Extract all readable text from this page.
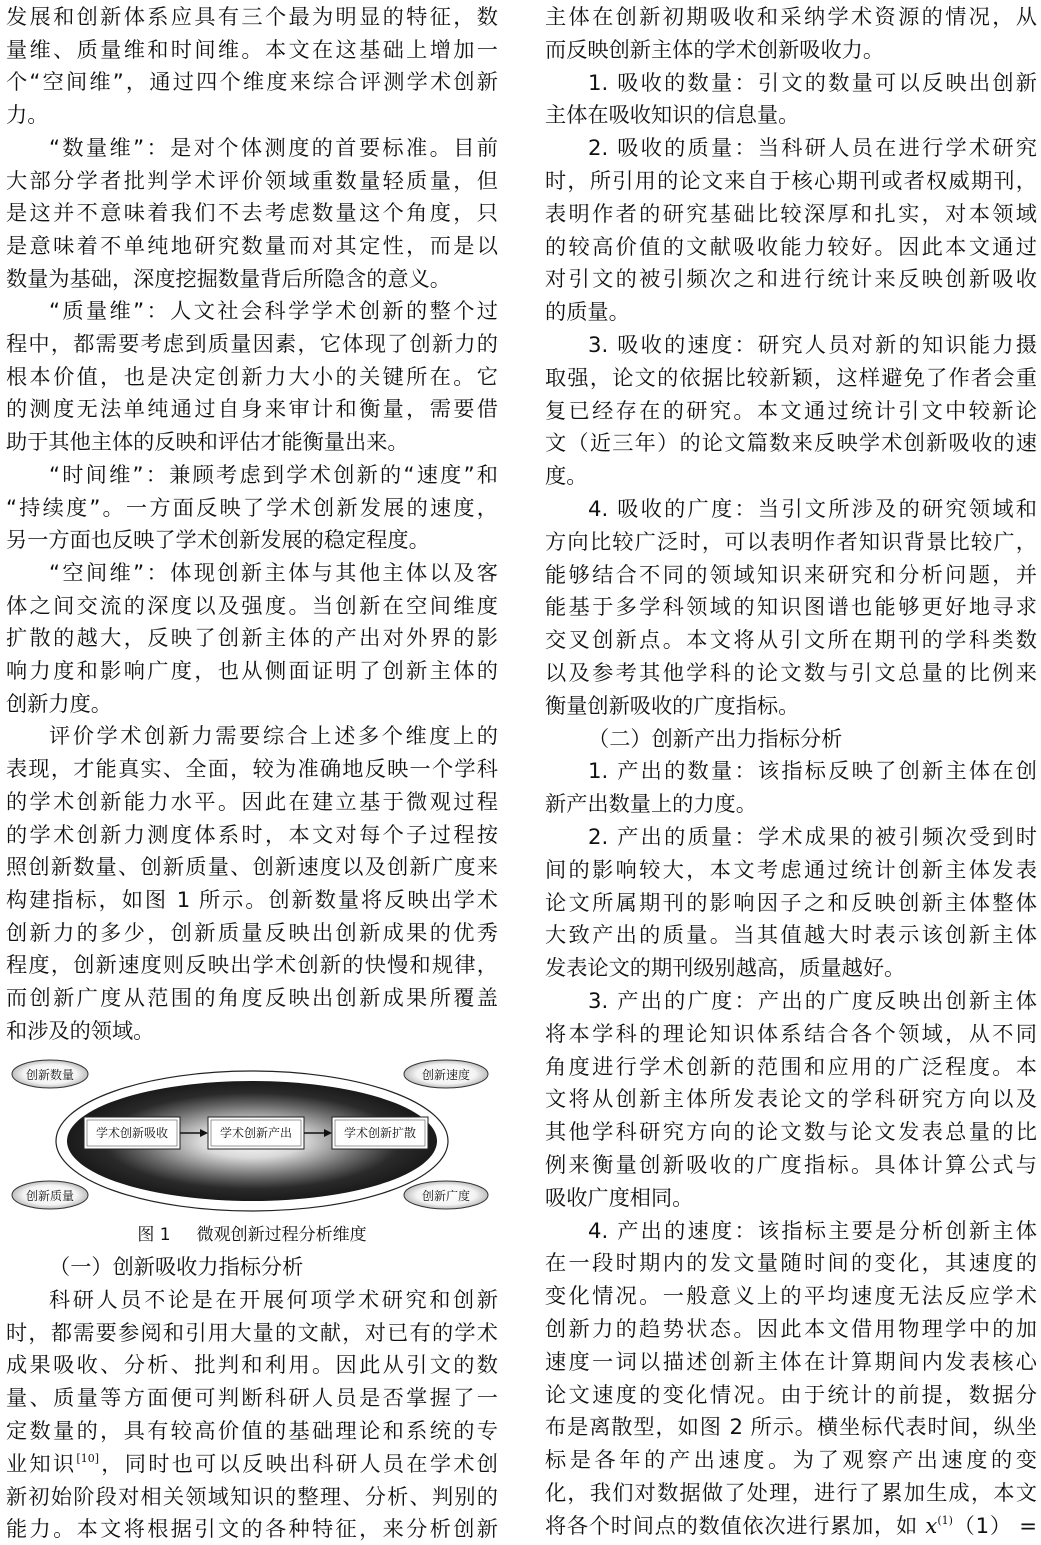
发展和创新体系应具有三个最为明显的特征，数
量维、质量维和时间维。本文在这基础上增加一
个“空间维”，通过四个维度来综合评测学术创新
力。
“数量维”：是对个体测度的首要标准。目前
大部分学者批判学术评价领域重数量轻质量，但
是这并不意味着我们不去考虑数量这个角度，只
是意味着不单纯地研究数量而对其定性，而是以
数量为基础，深度挖掘数量背后所隐含的意义。
“质量维”：人文社会科学学术创新的整个过
程中，都需要考虑到质量因素，它体现了创新力的
根本价值，也是决定创新力大小的关键所在。它
的测度无法单纯通过自身来审计和衡量，需要借
助于其他主体的反映和评估才能衡量出来。
“时间维”：兼顾考虑到学术创新的“速度”和
“持续度”。一方面反映了学术创新发展的速度，
另一方面也反映了学术创新发展的稳定程度。
“空间维”：体现创新主体与其他主体以及客
体之间交流的深度以及强度。当创新在空间维度
扩散的越大，反映了创新主体的产出对外界的影
响力度和影响广度，也从侧面证明了创新主体的
创新力度。
评价学术创新力需要综合上述多个维度上的
表现，才能真实、全面，较为准确地反映一个学科
的学术创新能力水平。因此在建立基于微观过程
的学术创新力测度体系时，本文对每个子过程按
照创新数量、创新质量、创新速度以及创新广度来
构建指标，如图 1 所示。创新数量将反映出学术
创新力的多少，创新质量反映出创新成果的优秀
程度，创新速度则反映出学术创新的快慢和规律，
而创新广度从范围的角度反映出创新成果所覆盖
和涉及的领域。
（一）创新吸收力指标分析
科研人员不论是在开展何项学术研究和创新
时，都需要参阅和引用大量的文献，对已有的学术
成果吸收、分析、批判和利用。因此从引文的数
量、质量等方面便可判断科研人员是否掌握了一
定数量的，具有较高价值的基础理论和系统的专
业知识[10]，同时也可以反映出科研人员在学术创
新初始阶段对相关领域知识的整理、分析、判别的
能力。本文将根据引文的各种特征，来分析创新
主体在创新初期吸收和采纳学术资源的情况，从
而反映创新主体的学术创新吸收力。
1. 吸收的数量：引文的数量可以反映出创新
主体在吸收知识的信息量。
2. 吸收的质量：当科研人员在进行学术研究
时，所引用的论文来自于核心期刊或者权威期刊，
表明作者的研究基础比较深厚和扎实，对本领域
的较高价值的文献吸收能力较好。因此本文通过
对引文的被引频次之和进行统计来反映创新吸收
的质量。
3. 吸收的速度：研究人员对新的知识能力摄
取强，论文的依据比较新颖，这样避免了作者会重
复已经存在的研究。本文通过统计引文中较新论
文（近三年）的论文篇数来反映学术创新吸收的速
度。
4. 吸收的广度：当引文所涉及的研究领域和
方向比较广泛时，可以表明作者知识背景比较广，
能够结合不同的领域知识来研究和分析问题，并
能基于多学科领域的知识图谱也能够更好地寻求
交叉创新点。本文将从引文所在期刊的学科类数
以及参考其他学科的论文数与引文总量的比例来
衡量创新吸收的广度指标。
（二）创新产出力指标分析
1. 产出的数量：该指标反映了创新主体在创
新产出数量上的力度。
2. 产出的质量：学术成果的被引频次受到时
间的影响较大，本文考虑通过统计创新主体发表
论文所属期刊的影响因子之和反映创新主体整体
大致产出的质量。当其值越大时表示该创新主体
发表论文的期刊级别越高，质量越好。
3. 产出的广度：产出的广度反映出创新主体
将本学科的理论知识体系结合各个领域，从不同
角度进行学术创新的范围和应用的广泛程度。本
文将从创新主体所发表论文的学科研究方向以及
其他学科研究方向的论文数与论文发表总量的比
例来衡量创新吸收的广度指标。具体计算公式与
吸收广度相同。
4. 产出的速度：该指标主要是分析创新主体
在一段时期内的发文量随时间的变化，其速度的
变化情况。一般意义上的平均速度无法反应学术
创新力的趋势状态。因此本文借用物理学中的加
速度一词以描述创新主体在计算期间内发表核心
论文速度的变化情况。由于统计的前提，数据分
布是离散型，如图 2 所示。横坐标代表时间，纵坐
标是各年的产出速度。为了观察产出速度的变
化，我们对数据做了处理，进行了累加生成，本文
将各个时间点的数值依次进行累加，如 $x^{(1)}(1)$ =
创新数量	创新速度
创新质量	创新广度
学术创新吸收	学术创新产出	学术创新扩散
图 1 微观创新过程分析维度
